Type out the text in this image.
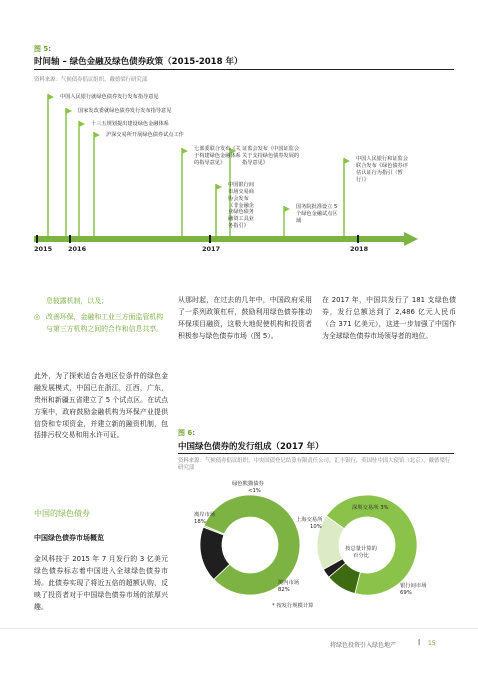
图 5:
时间轴 – 绿色金融及绿色债券政策（2015-2018 年）
资料来源：气候债券倡议组织，戴德梁行研究部
2015 2016	2017	2018
中国人民银行就绿色债券发行发布指导意见
国家发改委就绿色债券发行发布指导意见
十三五规划提出建设绿色金融体系
沪深交易所开展绿色债券试点工作
七部委联合发布《关于构建绿色金融体系的指导意见》
中国银行间市场交易商协会发布《非金融企业绿色债务融资工具业务指引》
证监会发布《中国证监会关于支持绿色债券发展的指导意见》
国务院批准设立 5 个绿色金融试点区域
中国人民银行和证监会联合发布《绿色债券评估认证行为指引（暂行）》
息披露机制，以及；
◎ 改善环保，金融和工业三方面监管机构与第三方机构之间的合作和信息共享。
此外，为了探索适合各地区位条件的绿色金融发展模式，中国已在浙江，江西，广东，贵州和新疆五省建立了 5 个试点区。在试点方案中，政府鼓励金融机构为环保产业提供信贷和专项资金，并建立新的融资机制，包括排污权交易和用水许可证。
中国的绿色债券
中国绿色债券市场概览
金风科技于 2015 年 7 月发行的 3 亿美元绿色债券标志着中国进入全球绿色债券市场。此债券实现了将近五倍的超额认购，反映了投资者对于中国绿色债券市场的浓厚兴趣。
从那时起，在过去的几年中，中国政府采用了一系列政策杠杆，鼓励利用绿色债券推动环保项目融资，这极大地促使机构和投资者积极参与绿色债券市场（图 5）。
在 2017 年，中国共发行了 181 支绿色债券，发行总额达到了 2,486 亿元人民币（合 371 亿美元），这进一步加强了中国作为全球绿色债券市场领导者的地位。
图 6:
中国绿色债券的发行组成（2017 年）
资料来源：气候债券倡议组织，中央国债登记结算有限责任公司，汇丰银行，英国驻中国大使馆（北京），戴德梁行研究部
绿色熊猫债券
<1%
离岸市场
18%
境内市场
82%
深圳交易所 3%
上海交易所
10%
银行间市场
69%
按总量计算的百分比
* 按发行规模计算
将绿色投资引入绿色地产	| 15
